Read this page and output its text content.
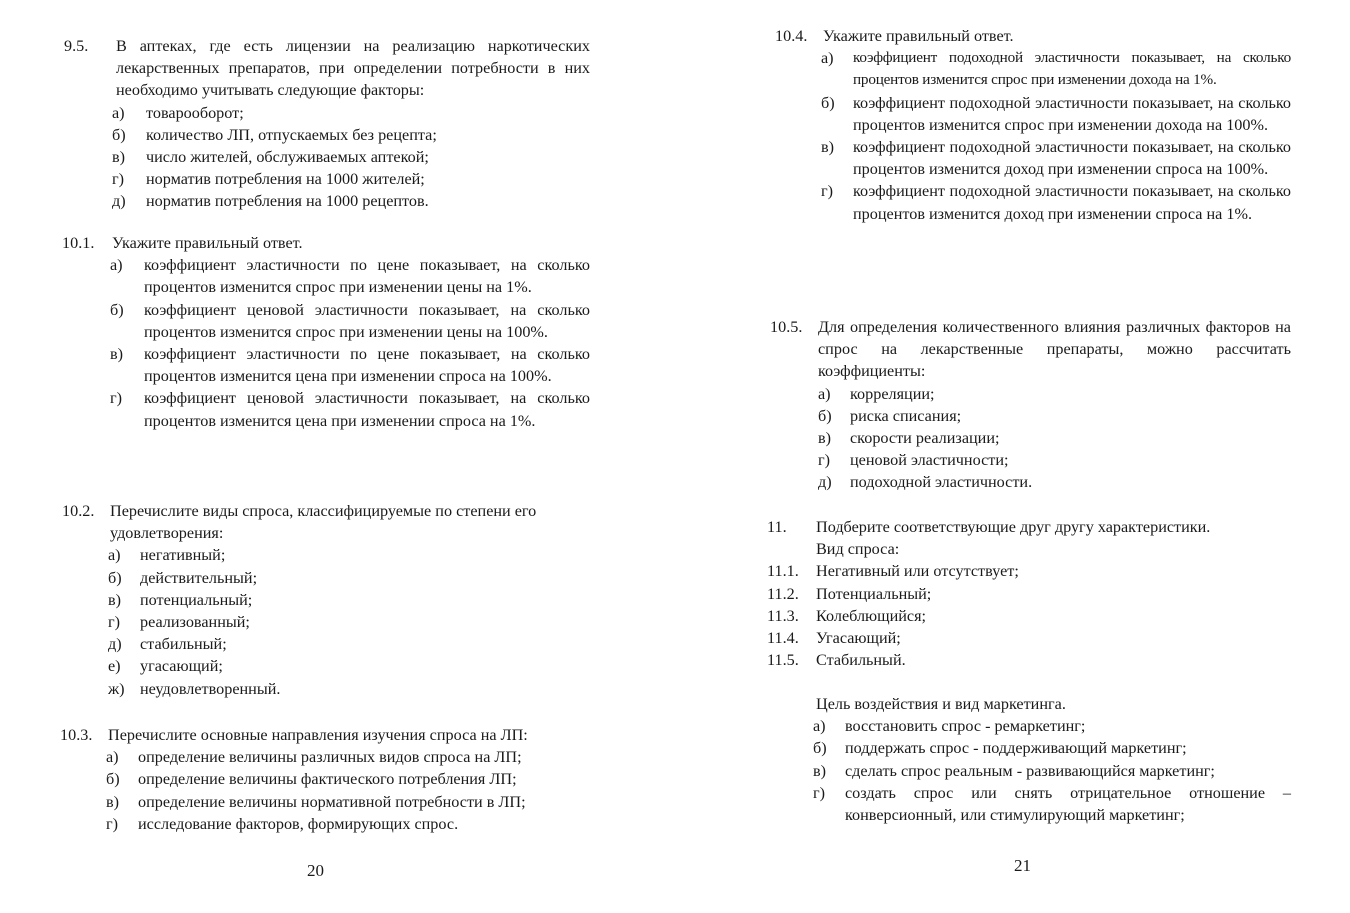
9.5.	В аптеках, где есть лицензии на реализацию наркотических лекарственных препаратов, при определении потребности в них необходимо учитывать следующие факторы:
а)	товарооборот;
б)	количество ЛП, отпускаемых без рецепта;
в)	число жителей, обслуживаемых аптекой;
г)	норматив потребления на 1000 жителей;
д)	норматив потребления на 1000 рецептов.
10.1.	Укажите правильный ответ.
а)	коэффициент эластичности по цене показывает, на сколько процентов изменится спрос при изменении цены на 1%.
б)	коэффициент ценовой эластичности показывает, на сколько процентов изменится спрос при изменении цены на 100%.
в)	коэффициент эластичности по цене показывает, на сколько процентов изменится цена при изменении спроса на 100%.
г)	коэффициент ценовой эластичности показывает, на сколько процентов изменится цена при изменении спроса на 1%.
10.2. Перечислите виды спроса, классифицируемые по степени его удовлетворения:
а)	негативный;
б)	действительный;
в)	потенциальный;
г)	реализованный;
д)	стабильный;
е)	угасающий;
ж) неудовлетворенный.
10.3. Перечислите основные направления изучения спроса на ЛП:
а)	определение величины различных видов спроса на ЛП;
б)	определение величины фактического потребления ЛП;
в)	определение величины нормативной потребности в ЛП;
г)	исследование факторов, формирующих спрос.
20
10.4. Укажите правильный ответ.
а)	коэффициент подоходной эластичности показывает, на сколько процентов изменится спрос при изменении дохода на 1%.
б)	коэффициент подоходной эластичности показывает, на сколько процентов изменится спрос при изменении дохода на 100%.
в)	коэффициент подоходной эластичности показывает, на сколько процентов изменится доход при изменении спроса на 100%.
г)	коэффициент подоходной эластичности показывает, на сколько процентов изменится доход при изменении спроса на 1%.
10.5. Для определения количественного влияния различных факторов на спрос на лекарственные препараты, можно рассчитать коэффициенты:
а)	корреляции;
б)	риска списания;
в)	скорости реализации;
г)	ценовой эластичности;
д)	подоходной эластичности.
11.	Подберите соответствующие друг другу характеристики.
Вид спроса:
11.1.	Негативный или отсутствует;
11.2.	Потенциальный;
11.3.	Колеблющийся;
11.4.	Угасающий;
11.5.	Стабильный.
Цель воздействия и вид маркетинга.
а)	восстановить спрос - ремаркетинг;
б)	поддержать спрос - поддерживающий маркетинг;
в)	сделать спрос реальным - развивающийся маркетинг;
г)	создать спрос или снять отрицательное отношение – конверсионный, или стимулирующий маркетинг;
21
